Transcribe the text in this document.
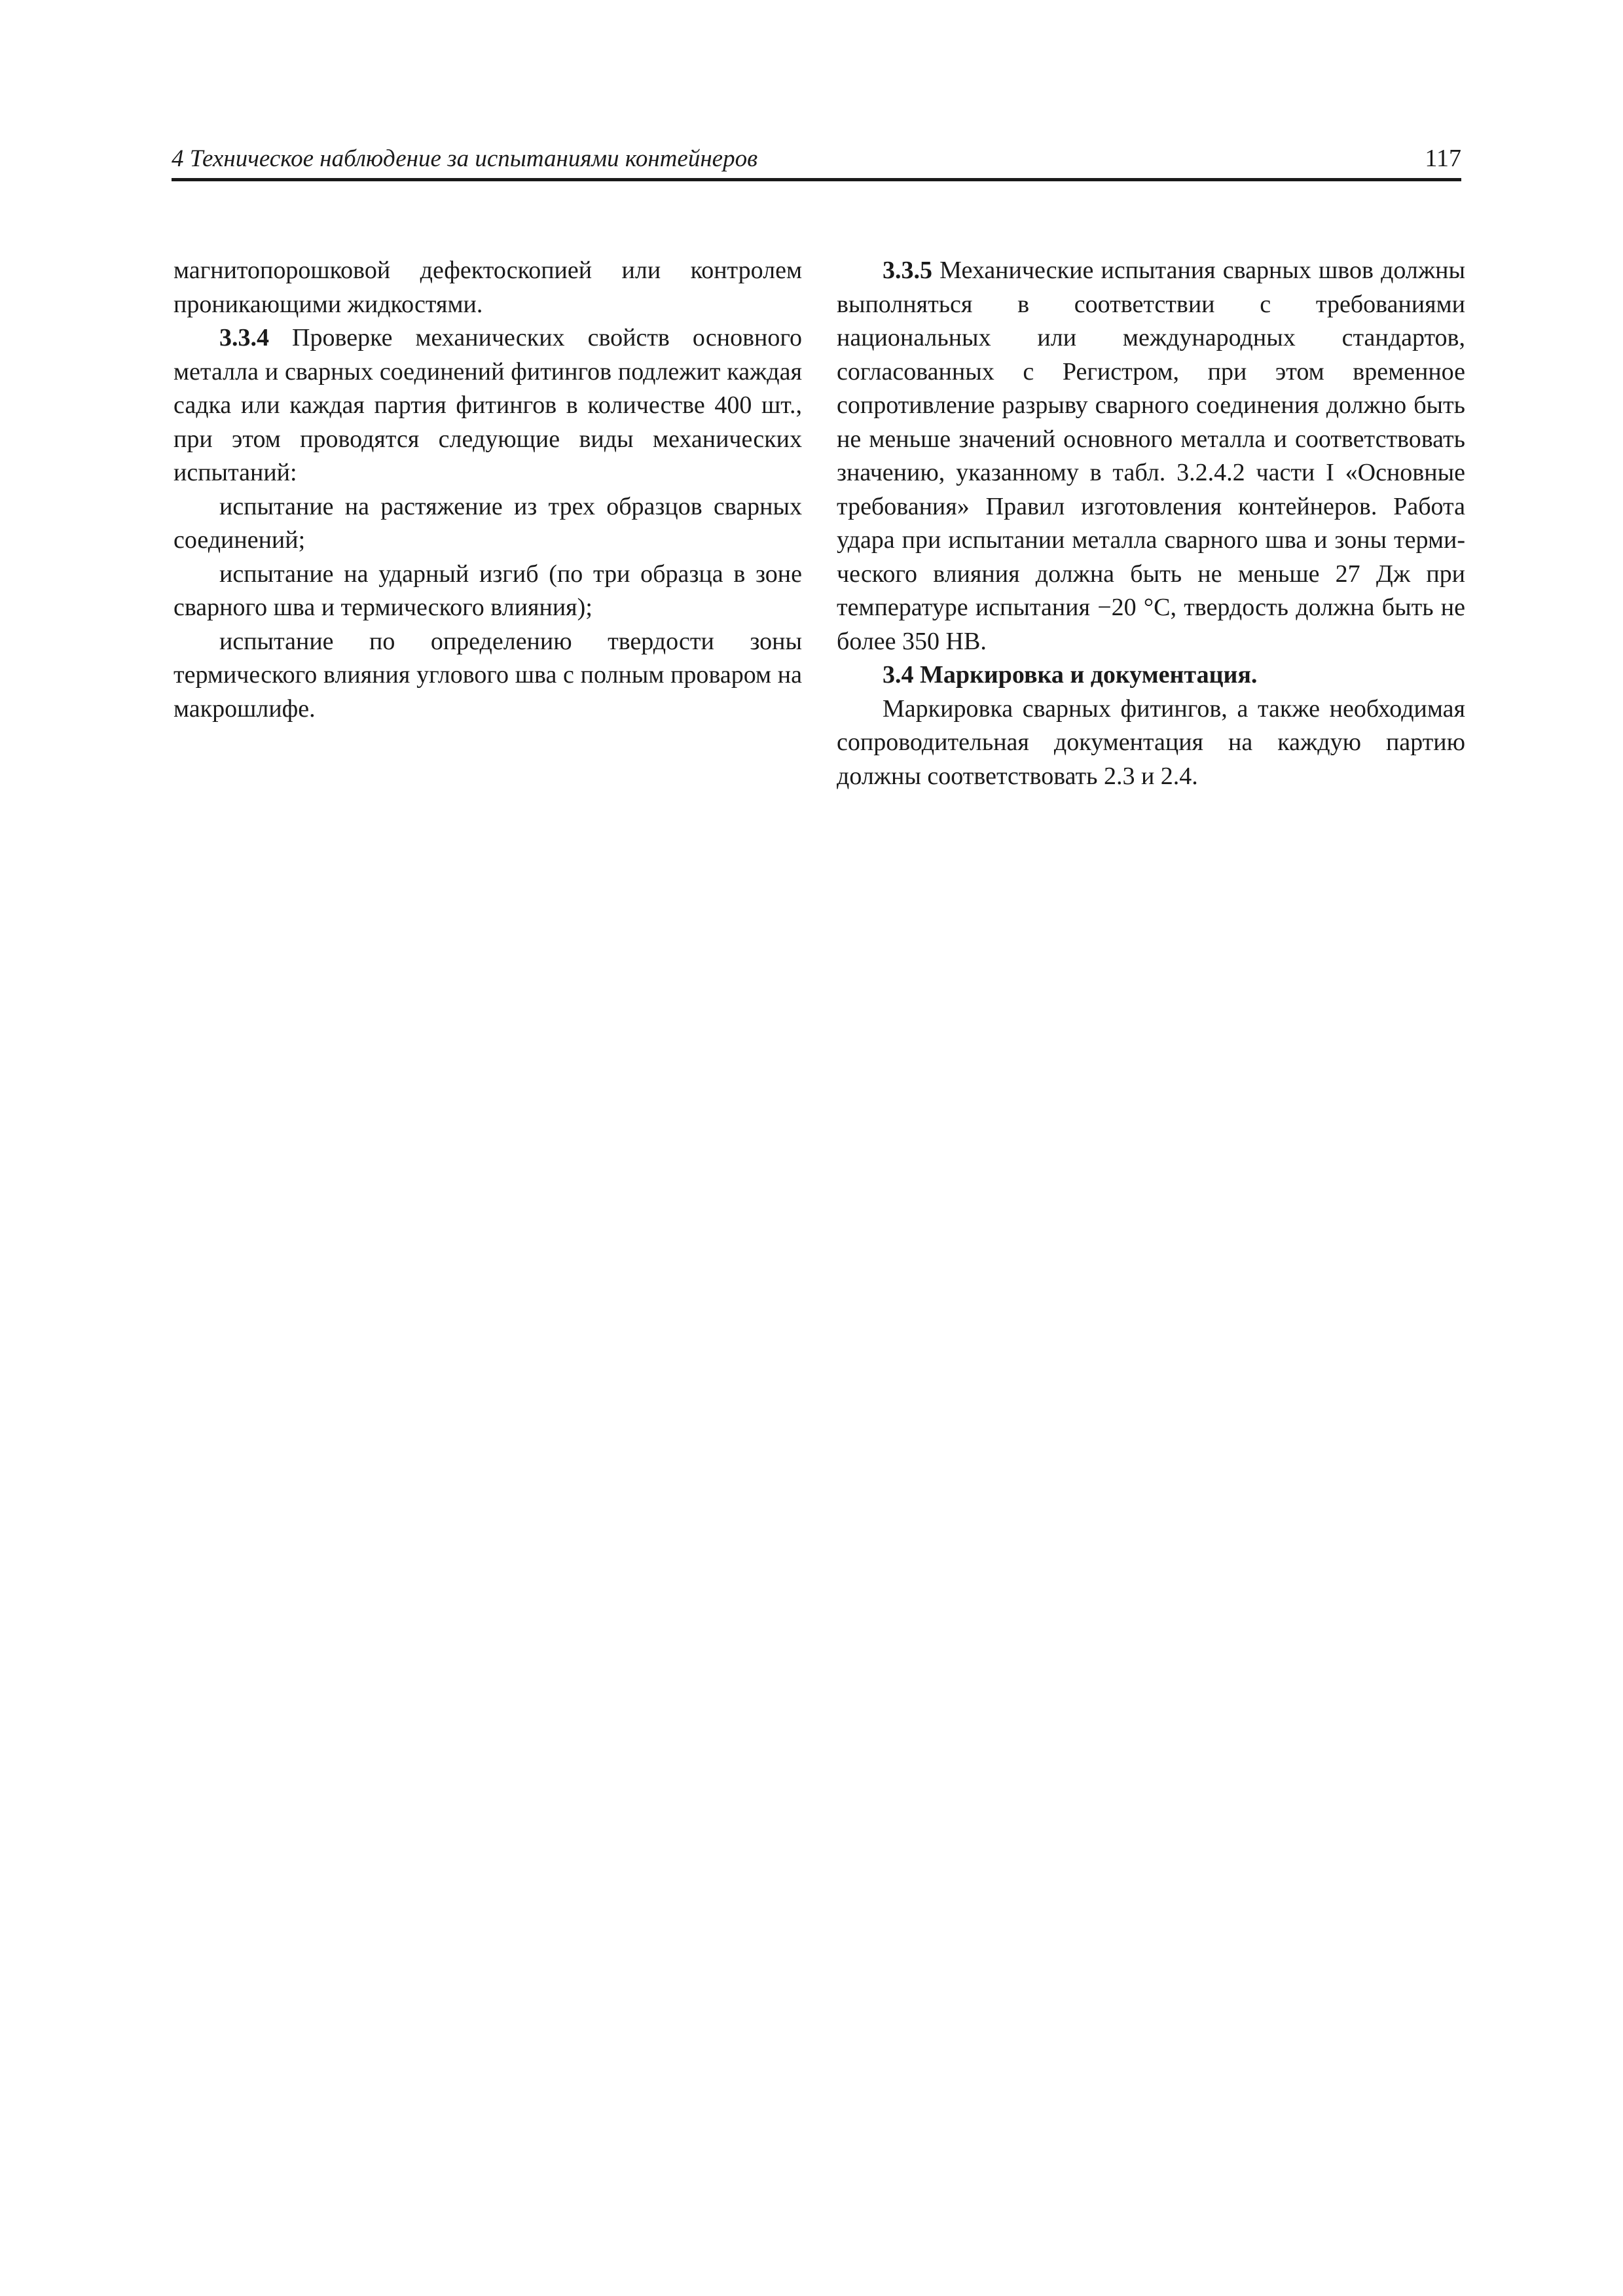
4 Техническое наблюдение за испытаниями контейнеров	117

магнитопорошковой дефектоскопией или контролем проникающими жидкостями.

3.3.4 Проверке механических свойств основного металла и сварных соединений фитингов подлежит каждая садка или каждая партия фитингов в количестве 400 шт., при этом проводятся следующие виды механических испытаний:

испытание на растяжение из трех образцов сварных соединений;

испытание на ударный изгиб (по три образца в зоне сварного шва и термического влияния);

испытание по определению твердости зоны термического влияния углового шва с полным проваром на макрошлифе.

3.3.5 Механические испытания сварных швов должны выполняться в соответствии с требованиями национальных или международных стандартов, согласованных с Регистром, при этом временное сопротивление разрыву сварного соединения должно быть не меньше значений основного металла и соответствовать значению, указанному в табл. 3.2.4.2 части I «Основные требования» Правил изготовления контейнеров. Работа удара при испытании металла сварного шва и зоны термического влияния должна быть не меньше 27 Дж при температуре испытания −20 °C, твердость должна быть не более 350 HB.

3.4 Маркировка и документация.

Маркировка сварных фитингов, а также необходимая сопроводительная документация на каждую партию должны соответствовать 2.3 и 2.4.
